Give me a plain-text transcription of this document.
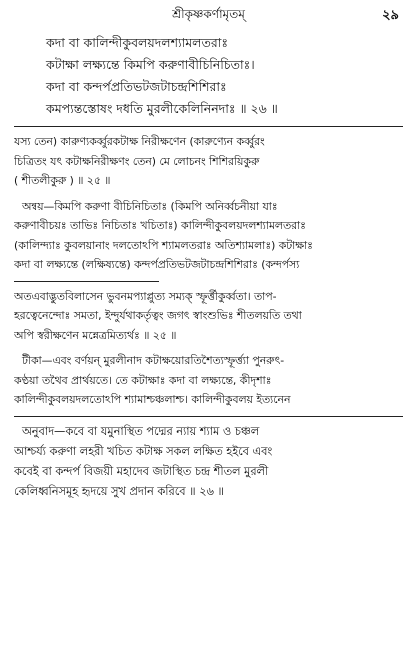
শ্রীকৃষ্ণকর্ণামৃতম্	২৯
কদা বা কালিন্দীকুবলয়দলশ্যামলতরাঃ
কটাক্ষা লক্ষ্যন্তে কিমপি করুণাবীচিনিচিতাঃ।
কদা বা কন্দর্পপ্রতিভটজটাচন্দ্রশিশিরাঃ
কমপ্যন্তস্তোষং দধতি মুরলীকেলিনিনদাঃ ॥ ২৬ ॥

যস্য তেন) কারুণ্যকর্ব্বুরকটাক্ষ নিরীক্ষণেন (কারুণ্যেন কর্ব্বুরং
চিত্রিতং যৎ কটাক্ষনিরীক্ষণং তেন) মে লোচনং শিশিরয়িকুরু
( শীতলীকুরু ) ॥ ২৫ ॥

অন্বয়—কিমপি করুণা বীচিনিচিতাঃ (কিমপি অনির্ব্বচনীয়া যাঃ
করুণাবীচয়ঃ তাভিঃ নিচিতাঃ খচিতাঃ) কালিন্দীকুবলয়দলশ্যামলতরাঃ
(কালিন্দ্যাঃ কুবলয়ানাং দলতোঽপি শ্যামলতরাঃ অতিশ্যামলাঃ) কটাক্ষাঃ
কদা বা লক্ষ্যন্তে (লক্ষিষ্যন্তে) কন্দর্পপ্রতিভটজটাচন্দ্রশিশিরাঃ (কন্দর্পস্য

অতএবাদ্ভুতবিলাসেন ভুবনমপ্যাপ্লুত্য সম্যক্ স্ফূর্ত্তীকুর্ব্বতা। তাপ-
হরত্বেনেন্দোঃ সমতা, ইন্দুর্যথাকর্তৃত্বং জগৎ স্বাংশুভিঃ শীতলয়তি তথা
অপি স্বরীক্ষণেন মন্নেত্রমিত্যর্থঃ ॥ ২৫ ॥

টীকা—এবং বর্ণয়ন্ মুরলীনাদ কটাক্ষয়োরতিশৈত্যস্ফূর্ত্ত্যা পুনরুৎ-
কণ্ঠয়া তথৈব প্রার্থয়তে। তে কটাক্ষাঃ কদা বা লক্ষ্যন্তে, কীদৃশাঃ
কালিন্দীকুবলয়দলতোঽপি শ্যামাশ্চঞ্চলাশ্চ। কালিন্দীকুবলয় ইত্যনেন

অনুবাদ—কবে বা যমুনাস্থিত পদ্মের ন্যায় শ্যাম ও চঞ্চল
আশ্চর্য্য করুণা লহরী খচিত কটাক্ষ সকল লক্ষিত হইবে এবং
কবেই বা কন্দর্প বিজয়ী মহাদেব জটাস্থিত চন্দ্র শীতল মুরলী
কেলিধ্বনিসমূহ হৃদয়ে সুখ প্রদান করিবে ॥ ২৬ ॥
